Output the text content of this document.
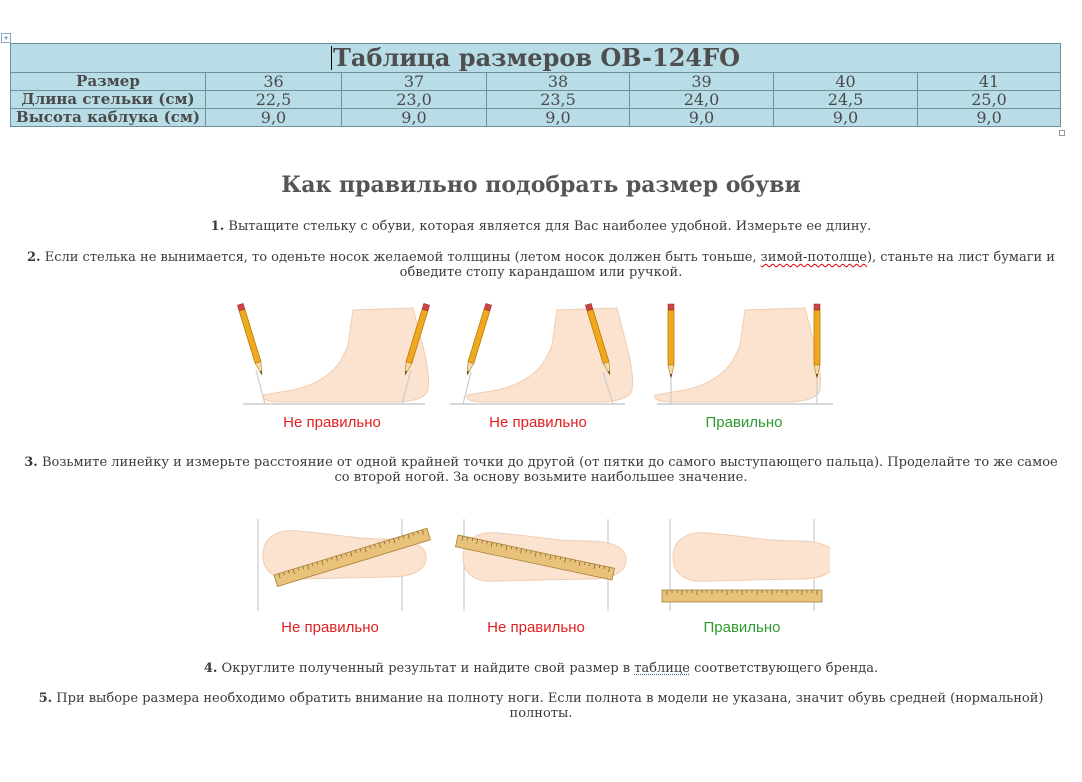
+
Таблица размеров OB-124FO						
Размер	36	37	38	39	40	41
Длина стельки (см)	22,5	23,0	23,5	24,0	24,5	25,0
Высота каблука (см)	9,0	9,0	9,0	9,0	9,0	9,0
Как правильно подобрать размер обуви

1. Вытащите стельку с обуви, которая является для Вас наиболее удобной. Измерьте ее длину.

2. Если стелька не вынимается, то оденьте носок желаемой толщины (летом носок должен быть тоньше, зимой-потолще), станьте на лист бумаги и обведите стопу карандашом или ручкой.

Не правильно	Не правильно	Правильно

3. Возьмите линейку и измерьте расстояние от одной крайней точки до другой (от пятки до самого выступающего пальца). Проделайте то же самое со второй ногой. За основу возьмите наибольшее значение.

Не правильно	Не правильно	Правильно

4. Округлите полученный результат и найдите свой размер в таблице соответствующего бренда.

5. При выборе размера необходимо обратить внимание на полноту ноги. Если полнота в модели не указана, значит обувь средней (нормальной) полноты.
